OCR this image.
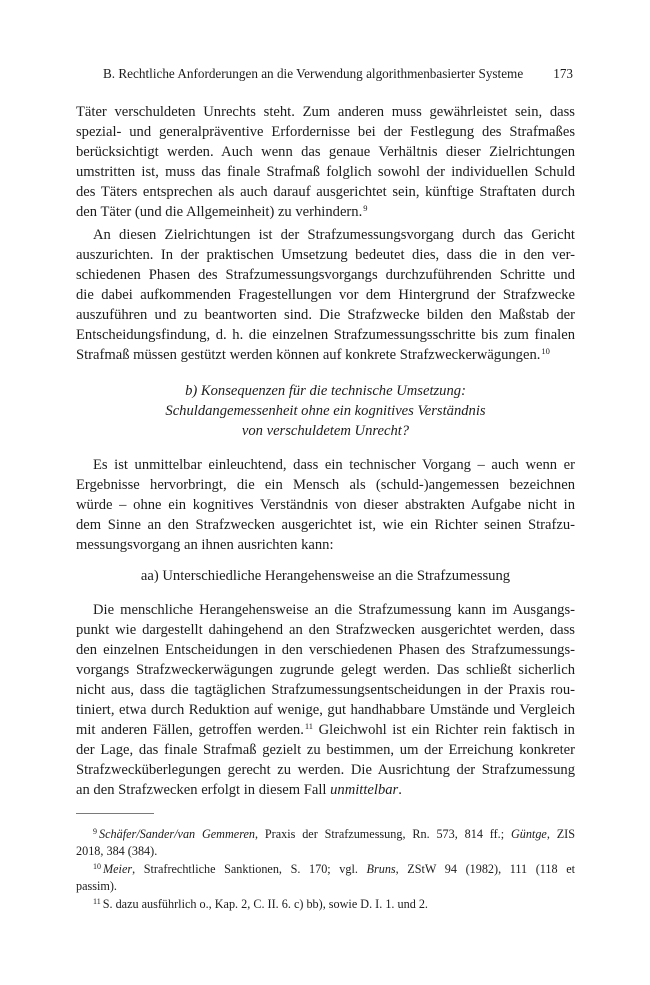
B. Rechtliche Anforderungen an die Verwendung algorithmenbasierter Systeme 173
Täter verschuldeten Unrechts steht. Zum anderen muss gewährleistet sein, dass
spezial- und generalpräventive Erfordernisse bei der Festlegung des Strafmaßes
berücksichtigt werden. Auch wenn das genaue Verhältnis dieser Zielrichtungen
umstritten ist, muss das finale Strafmaß folglich sowohl der individuellen Schuld
des Täters entsprechen als auch darauf ausgerichtet sein, künftige Straftaten durch
den Täter (und die Allgemeinheit) zu verhindern.$^9$
An diesen Zielrichtungen ist der Strafzumessungsvorgang durch das Gericht
auszurichten. In der praktischen Umsetzung bedeutet dies, dass die in den ver-
schiedenen Phasen des Strafzumessungsvorgangs durchzuführenden Schritte und
die dabei aufkommenden Fragestellungen vor dem Hintergrund der Strafzwecke
auszuführen und zu beantworten sind. Die Strafzwecke bilden den Maßstab der
Entscheidungsfindung, d. h. die einzelnen Strafzumessungsschritte bis zum finalen
Strafmaß müssen gestützt werden können auf konkrete Strafzweckerwägungen.$^{10}$
b) Konsequenzen für die technische Umsetzung:
Schuldangemessenheit ohne ein kognitives Verständnis
von verschuldetem Unrecht?
Es ist unmittelbar einleuchtend, dass ein technischer Vorgang – auch wenn er
Ergebnisse hervorbringt, die ein Mensch als (schuld-)angemessen bezeichnen
würde – ohne ein kognitives Verständnis von dieser abstrakten Aufgabe nicht in
dem Sinne an den Strafzwecken ausgerichtet ist, wie ein Richter seinen Strafzu-
messungsvorgang an ihnen ausrichten kann:
aa) Unterschiedliche Herangehensweise an die Strafzumessung
Die menschliche Herangehensweise an die Strafzumessung kann im Ausgangs-
punkt wie dargestellt dahingehend an den Strafzwecken ausgerichtet werden, dass
den einzelnen Entscheidungen in den verschiedenen Phasen des Strafzumessungs-
vorgangs Strafzweckerwägungen zugrunde gelegt werden. Das schließt sicherlich
nicht aus, dass die tagtäglichen Strafzumessungsentscheidungen in der Praxis rou-
tiniert, etwa durch Reduktion auf wenige, gut handhabbare Umstände und Vergleich
mit anderen Fällen, getroffen werden.$^{11}$ Gleichwohl ist ein Richter rein faktisch in
der Lage, das finale Strafmaß gezielt zu bestimmen, um der Erreichung konkreter
Strafzwecküberlegungen gerecht zu werden. Die Ausrichtung der Strafzumessung
an den Strafzwecken erfolgt in diesem Fall unmittelbar.
$^9$ Schäfer/Sander/van Gemmeren, Praxis der Strafzumessung, Rn. 573, 814 ff.; Güntge, ZIS
2018, 384 (384).
$^{10}$ Meier, Strafrechtliche Sanktionen, S. 170; vgl. Bruns, ZStW 94 (1982), 111 (118 et
passim).
$^{11}$ S. dazu ausführlich o., Kap. 2, C. II. 6. c) bb), sowie D. I. 1. und 2.
